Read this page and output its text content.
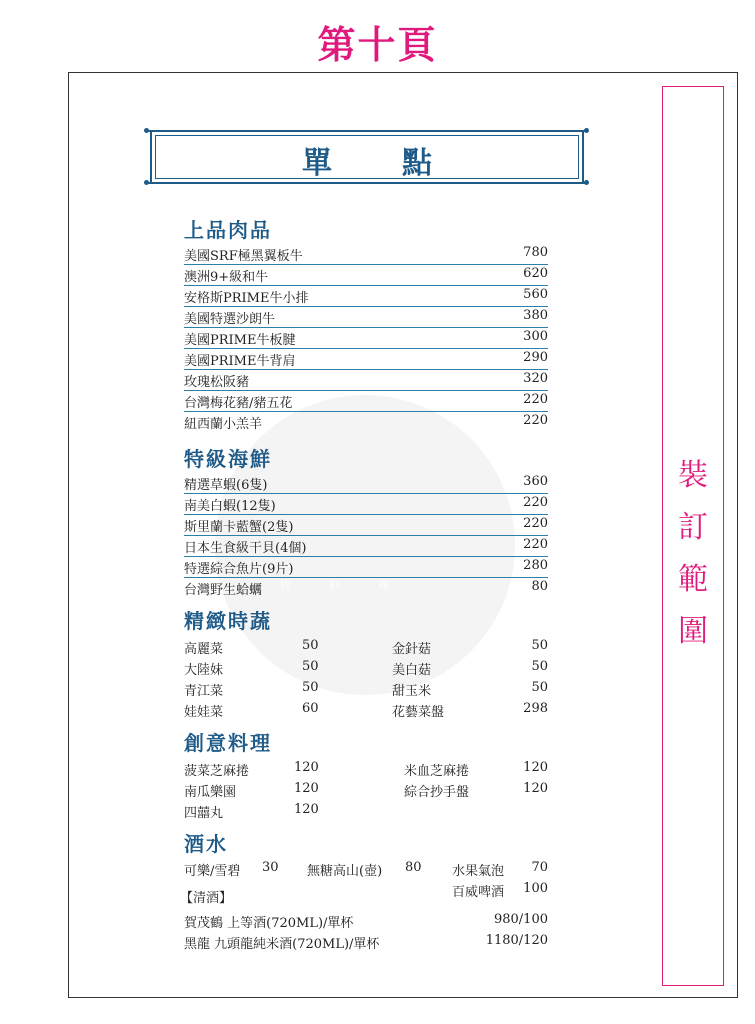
第十頁
裝
訂
範
圍
物料理
單點
上品肉品
美國SRF極黑翼板牛	780
澳洲9+級和牛	620
安格斯PRIME牛小排	560
美國特選沙朗牛	380
美國PRIME牛板腱	300
美國PRIME牛背肩	290
玫瑰松阪豬	320
台灣梅花豬/豬五花	220
紐西蘭小羔羊	220
特級海鮮
精選草蝦(6隻)	360
南美白蝦(12隻)	220
斯里蘭卡藍蟹(2隻)	220
日本生食級干貝(4個)	220
特選綜合魚片(9片)	280
台灣野生蛤蠣	80
精緻時蔬
高麗菜	50
大陸妹	50
青江菜	50
娃娃菜	60
金針菇	50
美白菇	50
甜玉米	50
花藝菜盤	298
創意料理
菠菜芝麻捲	120
南瓜樂園	120
四囍丸	120
米血芝麻捲	120
綜合抄手盤	120
酒水
可樂/雪碧 30 無糖高山(壺) 80 水果氣泡 70
百威啤酒 100
【清酒】
賀茂鶴 上等酒(720ML)/單杯	980/100
黑龍 九頭龍純米酒(720ML)/單杯	1180/120
